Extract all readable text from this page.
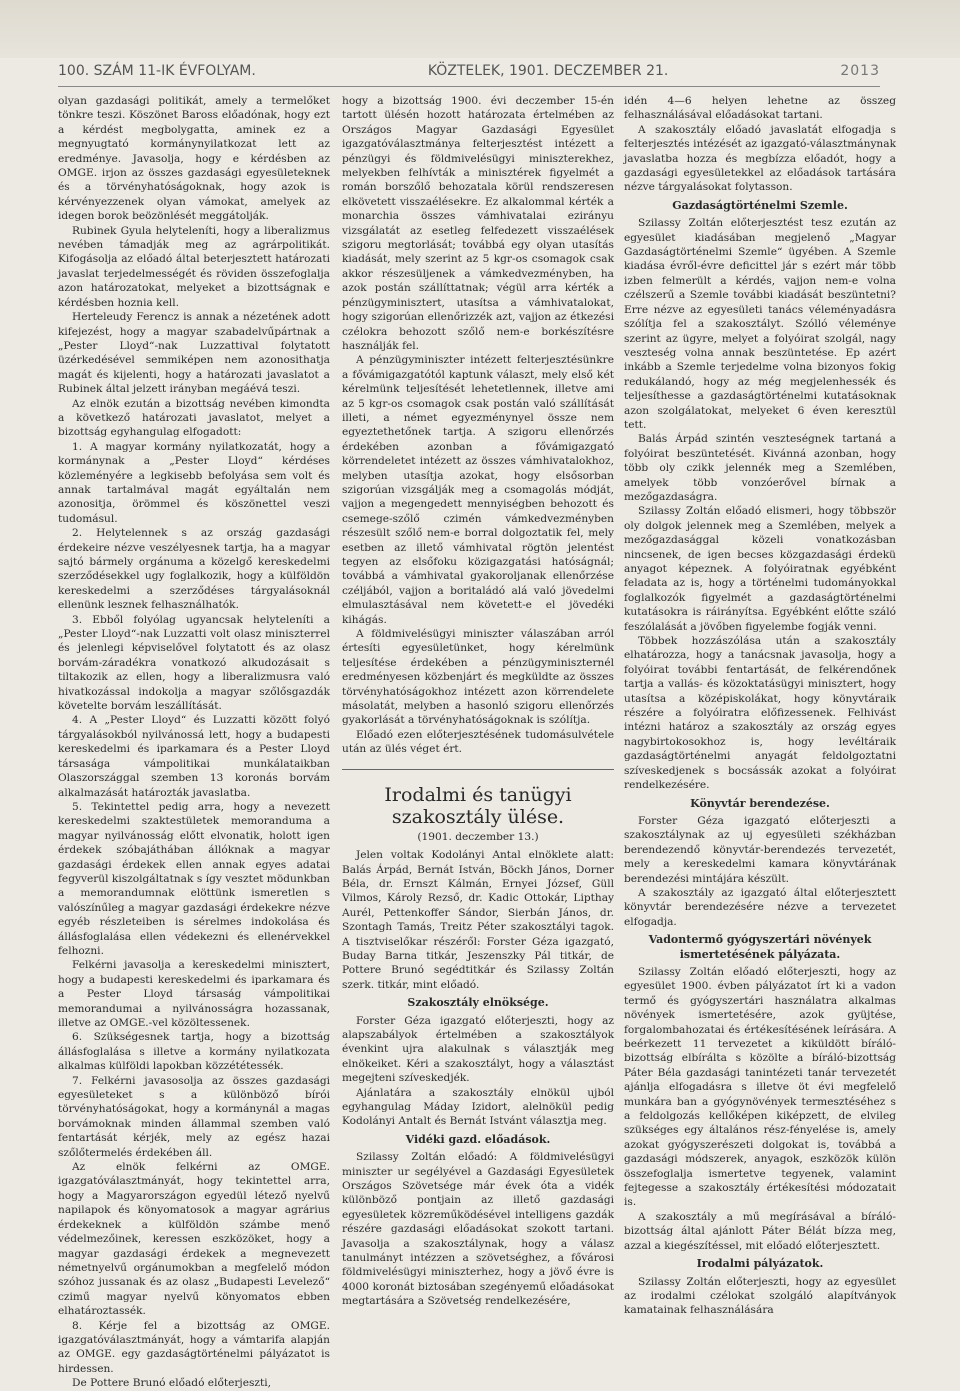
100. SZÁM 11-IK ÉVFOLYAM.	KÖZTELEK, 1901. DECZEMBER 21.	2013

olyan gazdasági politikát, amely a termelőket tönkre teszi. Köszönet Baross előadónak, hogy ezt a kérdést megbolygatta, aminek ez a megnyugtató kormánynyilatkozat lett az eredménye. Javasolja, hogy e kérdésben az OMGE. irjon az összes gazdasági egyesületeknek és a törvényhatóságoknak, hogy azok is kérvényezzenek olyan vámokat, amelyek az idegen borok beözönlését meggátolják.

Rubinek Gyula helyteleníti, hogy a liberalizmus nevében támadják meg az agrárpolitikát. Kifogásolja az előadó által beterjesztett határozati javaslat terjedelmességét és röviden összefoglalja azon határozatokat, melyeket a bizottságnak e kérdésben hoznia kell.

Herteleudy Ferencz is annak a nézetének adott kifejezést, hogy a magyar szabadelvűpártnak a „Pester Lloyd“-nak Luzzattival folytatott üzérkedésével semmiképen nem azonosithatja magát és kijelenti, hogy a határozati javaslatot a Rubinek által jelzett irányban megáévá teszi.

Az elnök ezután a bizottság nevében kimondta a következő határozati javaslatot, melyet a bizottság egyhangulag elfogadott:

1. A magyar kormány nyilatkozatát, hogy a kormánynak a „Pester Lloyd“ kérdéses közleményére a legkisebb befolyása sem volt és annak tartalmával magát egyáltalán nem azonositja, örömmel és köszönettel veszi tudomásul.

2. Helytelennek s az ország gazdasági érdekeire nézve veszélyesnek tartja, ha a magyar sajtó bármely orgánuma a közelgő kereskedelmi szerződésekkel ugy foglalkozik, hogy a külföldön kereskedelmi a szerződéses tárgyalásoknál ellenünk lesznek felhasználhatók.

3. Ebből folyólag ugyancsak helyteleníti a „Pester Lloyd“-nak Luzzatti volt olasz miniszterrel és jelenlegi képviselővel folytatott és az olasz borvám-záradékra vonatkozó alkudozásait s tiltakozik az ellen, hogy a liberalizmusra való hivatkozással indokolja a magyar szőlősgazdák követelte borvám leszállítását.

4. A „Pester Lloyd“ és Luzzatti között folyó tárgyalásokból nyilvánossá lett, hogy a budapesti kereskedelmi és iparkamara és a Pester Lloyd társasága vámpolitikai munkálataikban Olaszországgal szemben 13 koronás borvám alkalmazását határozták javaslatba.

5. Tekintettel pedig arra, hogy a nevezett kereskedelmi szaktestületek memoranduma a magyar nyilvánosság előtt elvonatik, holott igen érdekek szóbajáthában állóknak a magyar gazdasági érdekek ellen annak egyes adatai fegyverül kiszolgáltatnak s így vesztet mödunkban a memorandumnak elöttünk ismeretlen s valószínűleg a magyar gazdasági érdekekre nézve egyéb részleteiben is sérelmes indokolása és állásfoglalása ellen védekezni és ellenérvekkel felhozni.

Felkérni javasolja a kereskedelmi minisztert, hogy a budapesti kereskedelmi és iparkamara és a Pester Lloyd társaság vámpolitikai memorandumai a nyilvánosságra hozassanak, illetve az OMGE.-vel közöltessenek.

6. Szükségesnek tartja, hogy a bizottság állásfoglalása s illetve a kormány nyilatkozata alkalmas külföldi lapokban közzététessék.

7. Felkérni javasosolja az összes gazdasági egyesületeket s a különböző bírói törvényhatóságokat, hogy a kormánynál a magas borvámoknak minden állammal szemben való fentartását kérjék, mely az egész hazai szőlőtermelés érdekében áll.

Az elnök felkérni az OMGE. igazgatóválasztmányát, hogy tekintettel arra, hogy a Magyarországon egyedül létező nyelvű napilapok és könyomatosok a magyar agrárius érdekeknek a külföldön számbe menő védelmezőinek, keressen eszközöket, hogy a magyar gazdasági érdekek a megnevezett németnyelvű orgánumokban a megfelelő módon szóhoz jussanak és az olasz „Budapesti Levelező“ czimű magyar nyelvű könyomatos ebben elhatároztassék.

8. Kérje fel a bizottság az OMGE. igazgatóválasztmányát, hogy a vámtarifa alapján az OMGE. egy gazdaságtörténelmi pályázatot is hirdessen.

De Pottere Brunó előadó előterjeszti,

hogy a bizottság 1900. évi deczember 15-én tartott ülésén hozott határozata értelmében az Országos Magyar Gazdasági Egyesület igazgatóválasztmánya felterjesztést intézett a pénzügyi és földmivelésügyi miniszterekhez, melyekben felhívták a minisztérek figyelmét a román borszőlő behozatala körül rendszeresen elkövetett visszaélésekre. Ez alkalommal kérték a monarchia összes vámhivatalai ezirányu vizsgálatát az esetleg felfedezett visszaélések szigoru megtorlását; továbbá egy olyan utasítás kiadását, mely szerint az 5 kgr-os csomagok csak akkor részesüljenek a vámkedvezményben, ha azok postán szállíttatnak; végül arra kérték a pénzügyminisztert, utasítsa a vámhivatalokat, hogy szigorúan ellenőrizzék azt, vajjon az étkezési czélokra behozott szőlő nem-e borkészítésre használják fel.

A pénzügyminiszter intézett felterjesztésünkre a fővámigazgatótól kaptunk választ, mely első két kérelmünk teljesítését lehetetlennek, illetve ami az 5 kgr-os csomagok csak postán való szállítását illeti, a német egyezménynyel össze nem egyeztethetőnek tartja. A szigoru ellenőrzés érdekében azonban a fővámigazgató körrendeletet intézett az összes vámhivatalokhoz, melyben utasítja azokat, hogy elsősorban szigorúan vizsgálják meg a csomagolás módját, vajjon a megengedett mennyiségben behozott és csemege-szőlő czimén vámkedvezményben részesült szőlő nem-e borral dolgoztatik fel, mely esetben az illető vámhivatal rögtön jelentést tegyen az elsőfoku közigazgatási hatóságnál; továbbá a vámhivatal gyakoroljanak ellenőrzése czéljából, vajjon a boritaládó alá való jövedelmi elmulasztásával nem követett-e el jövedéki kihágás.

A földmivelésügyi miniszter válaszában arról értesíti egyesületünket, hogy kérelmünk teljesítése érdekében a pénzügyminiszternél eredményesen közbenjárt és megküldte az összes törvényhatóságokhoz intézett azon körrendelete másolatát, melyben a hasonló szigoru ellenőrzés gyakorlását a törvényhatóságoknak is szólítja.

Előadó ezen előterjesztésének tudomásulvétele után az ülés véget ért.

Irodalmi és tanügyi szakosztály ülése.
(1901. deczember 13.)

Jelen voltak Kodolányi Antal elnöklete alatt: Balás Árpád, Bernát István, Böckh János, Dorner Béla, dr. Ernszt Kálmán, Ernyei József, Güll Vilmos, Károly Rezső, dr. Kadic Ottokár, Lipthay Aurél, Pettenkoffer Sándor, Sierbán János, dr. Szontagh Tamás, Treitz Péter szakosztályi tagok. A tisztviselőkar részéről: Forster Géza igazgató, Buday Barna titkár, Jeszenszky Pál titkár, de Pottere Brunó segédtitkár és Szilassy Zoltán szerk. titkár, mint előadó.

Szakosztály elnöksége.

Forster Géza igazgató előterjeszti, hogy az alapszabályok értelmében a szakosztályok évenkint ujra alakulnak s választják meg elnökeiket. Kéri a szakosztályt, hogy a választást megejteni szíveskedjék.

Ajánlatára a szakosztály elnökül ujból egyhangulag Máday Izidort, alelnökül pedig Kodolányi Antalt és Bernát Istvánt választja meg.

Vidéki gazd. előadások.

Szilassy Zoltán előadó: A földmivelésügyi miniszter ur segélyével a Gazdasági Egyesületek Országos Szövetsége már évek óta a vidék különböző pontjain az illető gazdasági egyesületek közreműködésével intelligens gazdák részére gazdasági előadásokat szokott tartani. Javasolja a szakosztálynak, hogy a válasz tanulmányt intézzen a szövetséghez, a fővárosi földmivelésügyi miniszterhez, hogy a jövő évre is 4000 koronát biztosában szegényemű előadásokat megtartására a Szövetség rendelkezésére,

idén 4—6 helyen lehetne az összeg felhasználásával előadásokat tartani.

A szakosztály előadó javaslatát elfogadja s felterjesztés intézését az igazgató-választmánynak javaslatba hozza és megbízza előadót, hogy a gazdasági egyesületekkel az előadások tartására nézve tárgyalásokat folytasson.

Gazdaságtörténelmi Szemle.

Szilassy Zoltán előterjesztést tesz ezután az egyesület kiadásában megjelenő „Magyar Gazdaságtörténelmi Szemle“ ügyében. A Szemle kiadása évről-évre deficittel jár s ezért már több izben felmerült a kérdés, vajjon nem-e volna czélszerű a Szemle további kiadását beszüntetni? Erre nézve az egyesületi tanács véleményadásra szólítja fel a szakosztályt. Szólló véleménye szerint az ügyre, melyet a folyóirat szolgál, nagy veszteség volna annak beszüntetése. Ep azért inkább a Szemle terjedelme volna bizonyos fokig redukálandó, hogy az még megjelenhessék és teljesíthesse a gazdaságtörténelmi kutatásoknak azon szolgálatokat, melyeket 6 éven keresztül tett.

Balás Árpád szintén veszteségnek tartaná a folyóirat beszüntetését. Kivánná azonban, hogy több oly czikk jelennék meg a Szemlében, amelyek több vonzóerővel bírnak a mezőgazdaságra.

Szilassy Zoltán előadó elismeri, hogy többször oly dolgok jelennek meg a Szemlében, melyek a mezőgazdasággal közeli vonatkozásban nincsenek, de igen becses közgazdasági érdekü anyagot képeznek. A folyóiratnak egyébként feladata az is, hogy a történelmi tudományokkal foglalkozók figyelmét a gazdaságtörténelmi kutatásokra is ráirányítsa. Egyébként előtte száló feszólalását a jövőben figyelembe fogják venni.

Többek hozzászólása után a szakosztály elhatározza, hogy a tanácsnak javasolja, hogy a folyóirat további fentartását, de felkérendőnek tartja a vallás- és közoktatásügyi minisztert, hogy utasítsa a középiskolákat, hogy könyvtáraik részére a folyóiratra előfizessenek. Felhivást intézni határoz a szakosztály az ország egyes nagybirtokosokhoz is, hogy levéltáraik gazdaságtörténelmi anyagát feldolgoztatni szíveskedjenek s bocsássák azokat a folyóirat rendelkezésére.

Könyvtár berendezése.

Forster Géza igazgató előterjeszti a szakosztálynak az uj egyesületi székházban berendezendő könyvtár-berendezés tervezetét, mely a kereskedelmi kamara könyvtárának berendezési mintájára készült.

A szakosztály az igazgató által előterjesztett könyvtár berendezésére nézve a tervezetet elfogadja.

Vadontermő gyógyszertári növények ismertetésének pályázata.

Szilassy Zoltán előadó előterjeszti, hogy az egyesület 1900. évben pályázatot írt ki a vadon termő és gyógyszertári használatra alkalmas növények ismertetésére, azok gyüjtése, forgalombahozatai és értékesítésének leírására. A beérkezett 11 tervezetet a kiküldött bíráló-bizottság elbírálta s közölte a bíráló-bizottság Páter Béla gazdasági tanintézeti tanár tervezetét ajánlja elfogadásra s illetve öt évi megfelelő munkára ban a gyógynövények termesztéséhez s a feldolgozás kellőképen kiképzett, de elvileg szükséges egy általános rész-fényelése is, amely azokat gyógyszerészeti dolgokat is, továbbá a gazdasági módszerek, anyagok, eszközök külön összefoglalja ismertetve tegyenek, valamint fejtegesse a szakosztály értékesítési módozatait is.

A szakosztály a mű megírásával a bíráló-bizottság által ajánlott Páter Bélát bízza meg, azzal a kiegészítéssel, mit előadó előterjesztett.

Irodalmi pályázatok.

Szilassy Zoltán előterjeszti, hogy az egyesület az irodalmi czélokat szolgáló alapítványok kamatainak felhasználására
